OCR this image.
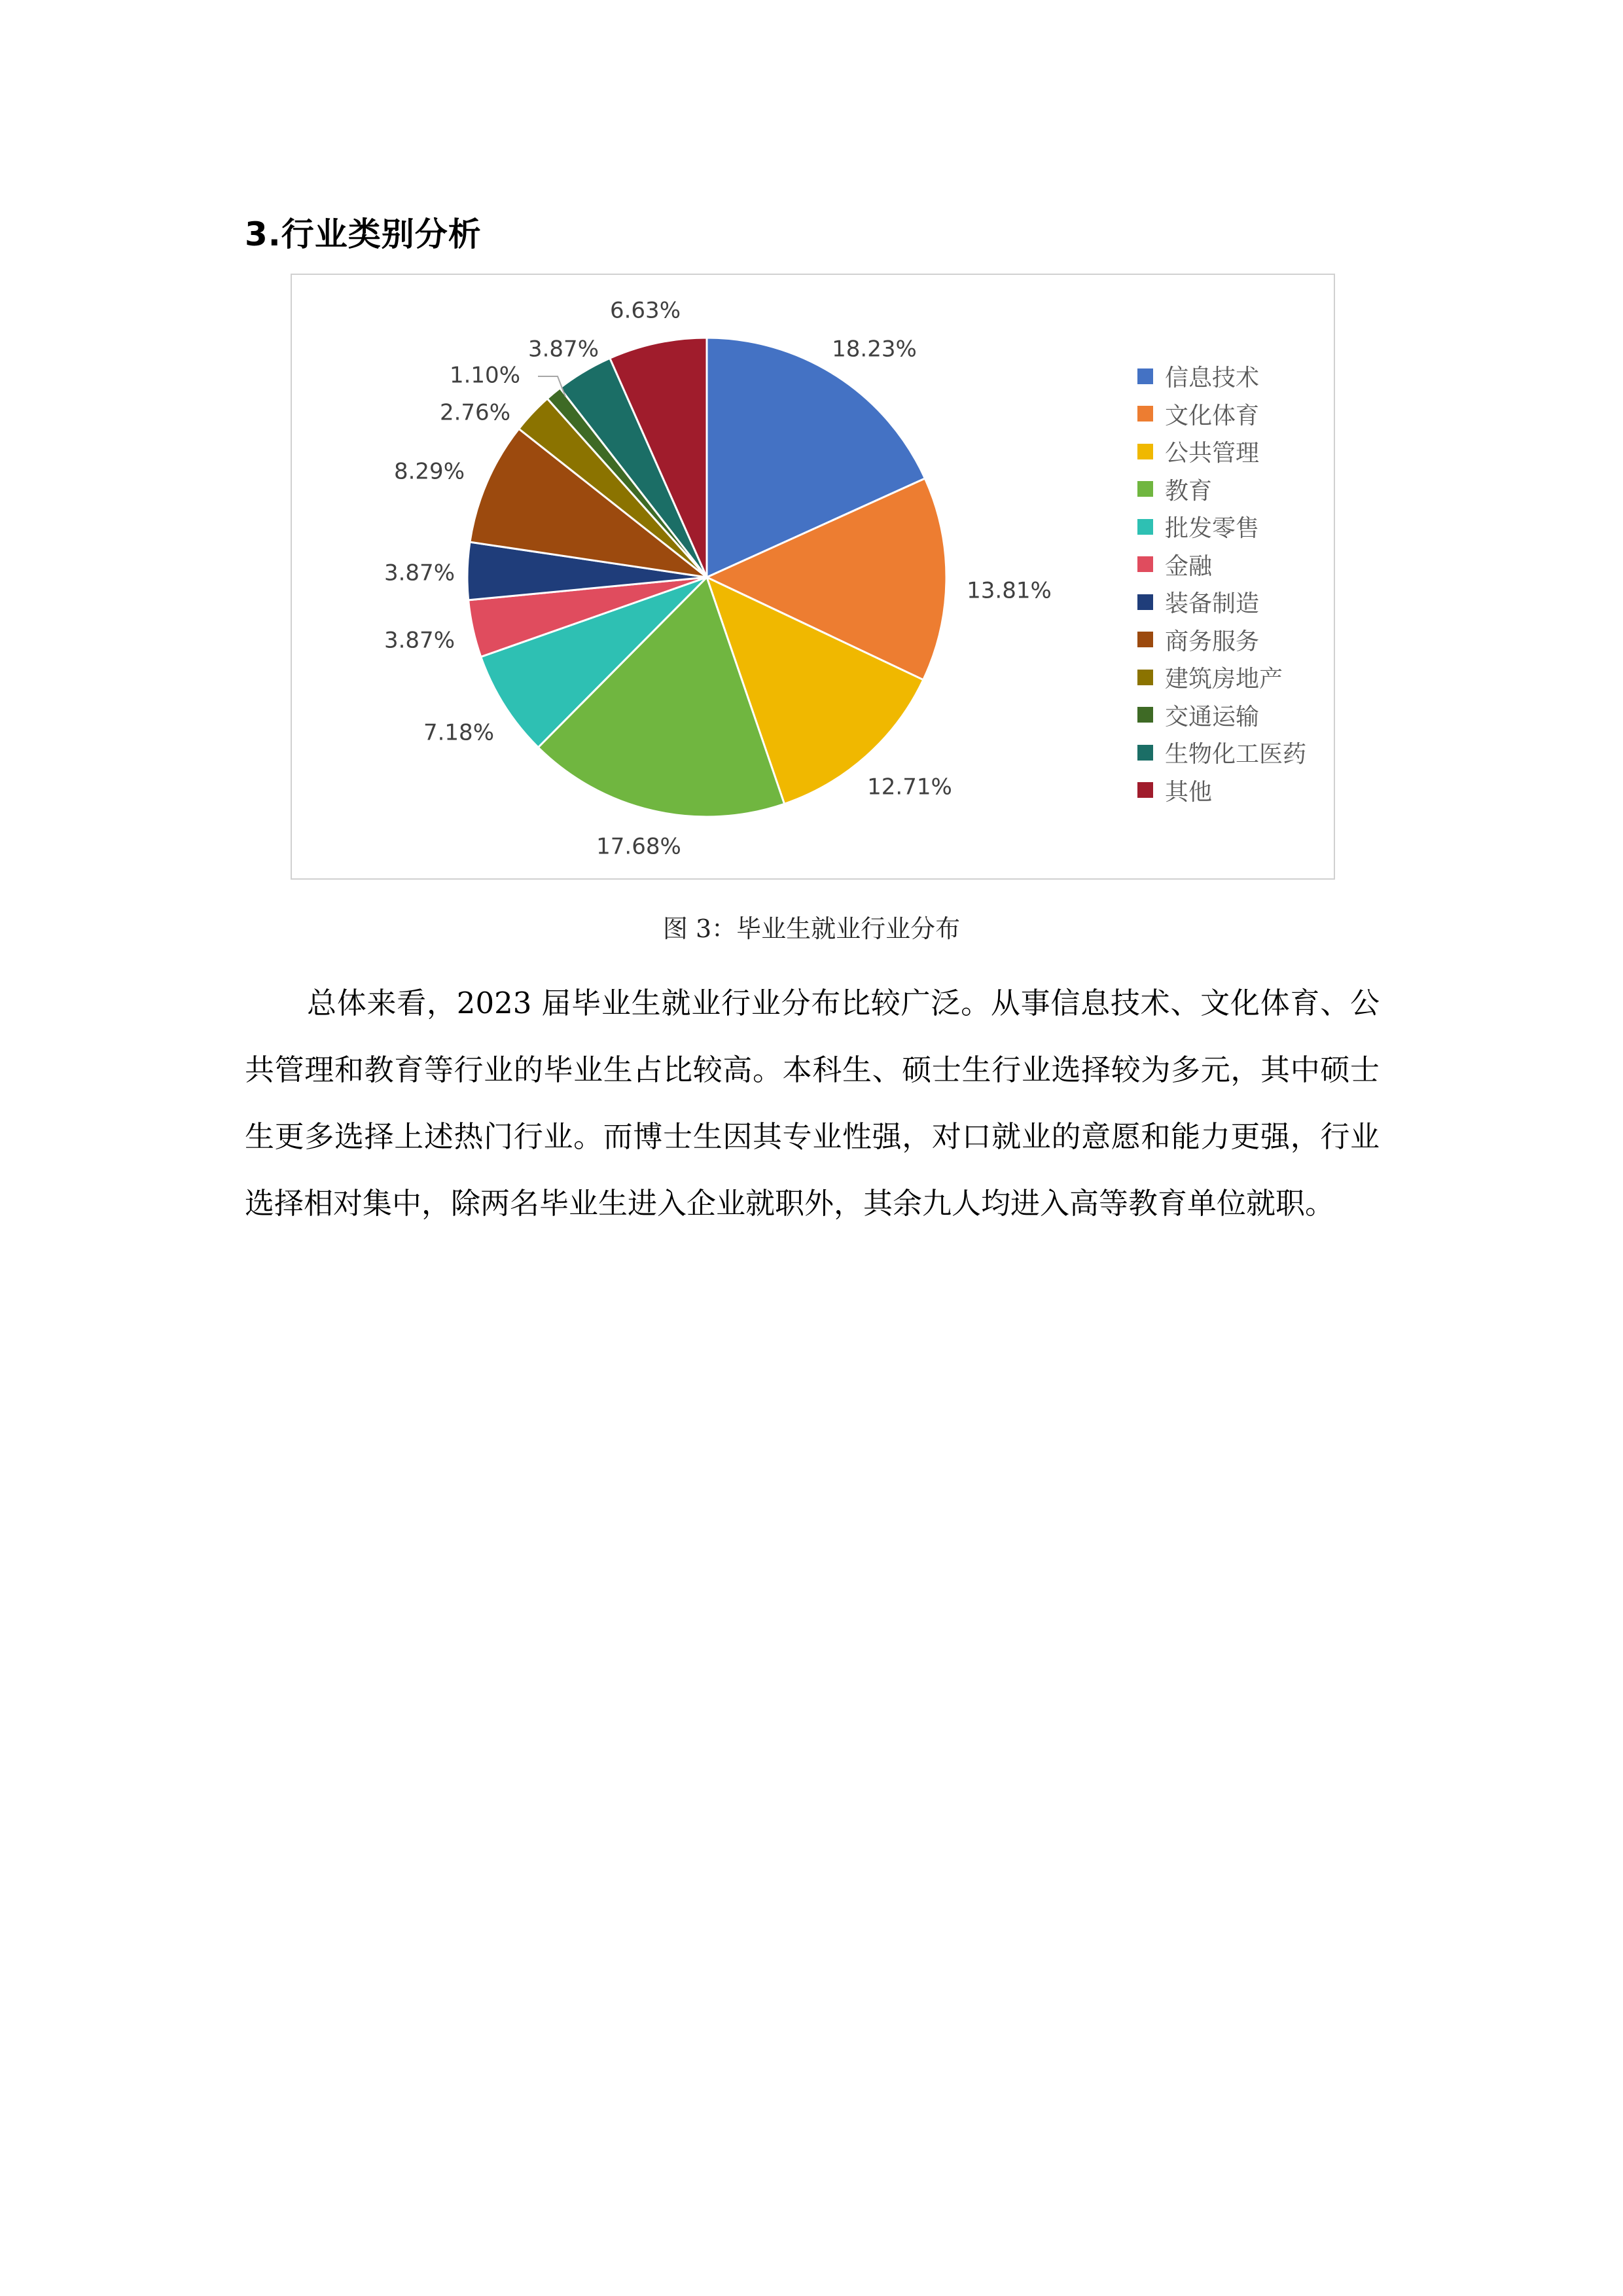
3.行业类别分析
18.23%
13.81%
12.71%
17.68%
7.18%
3.87%
3.87%
8.29%
2.76%
1.10%
3.87%
6.63%
信息技术
文化体育
公共管理
教育
批发零售
金融
装备制造
商务服务
建筑房地产
交通运输
生物化工医药
其他
图 3：毕业生就业行业分布

总体来看，2023 届毕业生就业行业分布比较广泛。从事信息技术、文化体育、公共管理和教育等行业的毕业生占比较高。本科生、硕士生行业选择较为多元，其中硕士生更多选择上述热门行业。而博士生因其专业性强，对口就业的意愿和能力更强，行业选择相对集中，除两名毕业生进入企业就职外，其余九人均进入高等教育单位就职。
